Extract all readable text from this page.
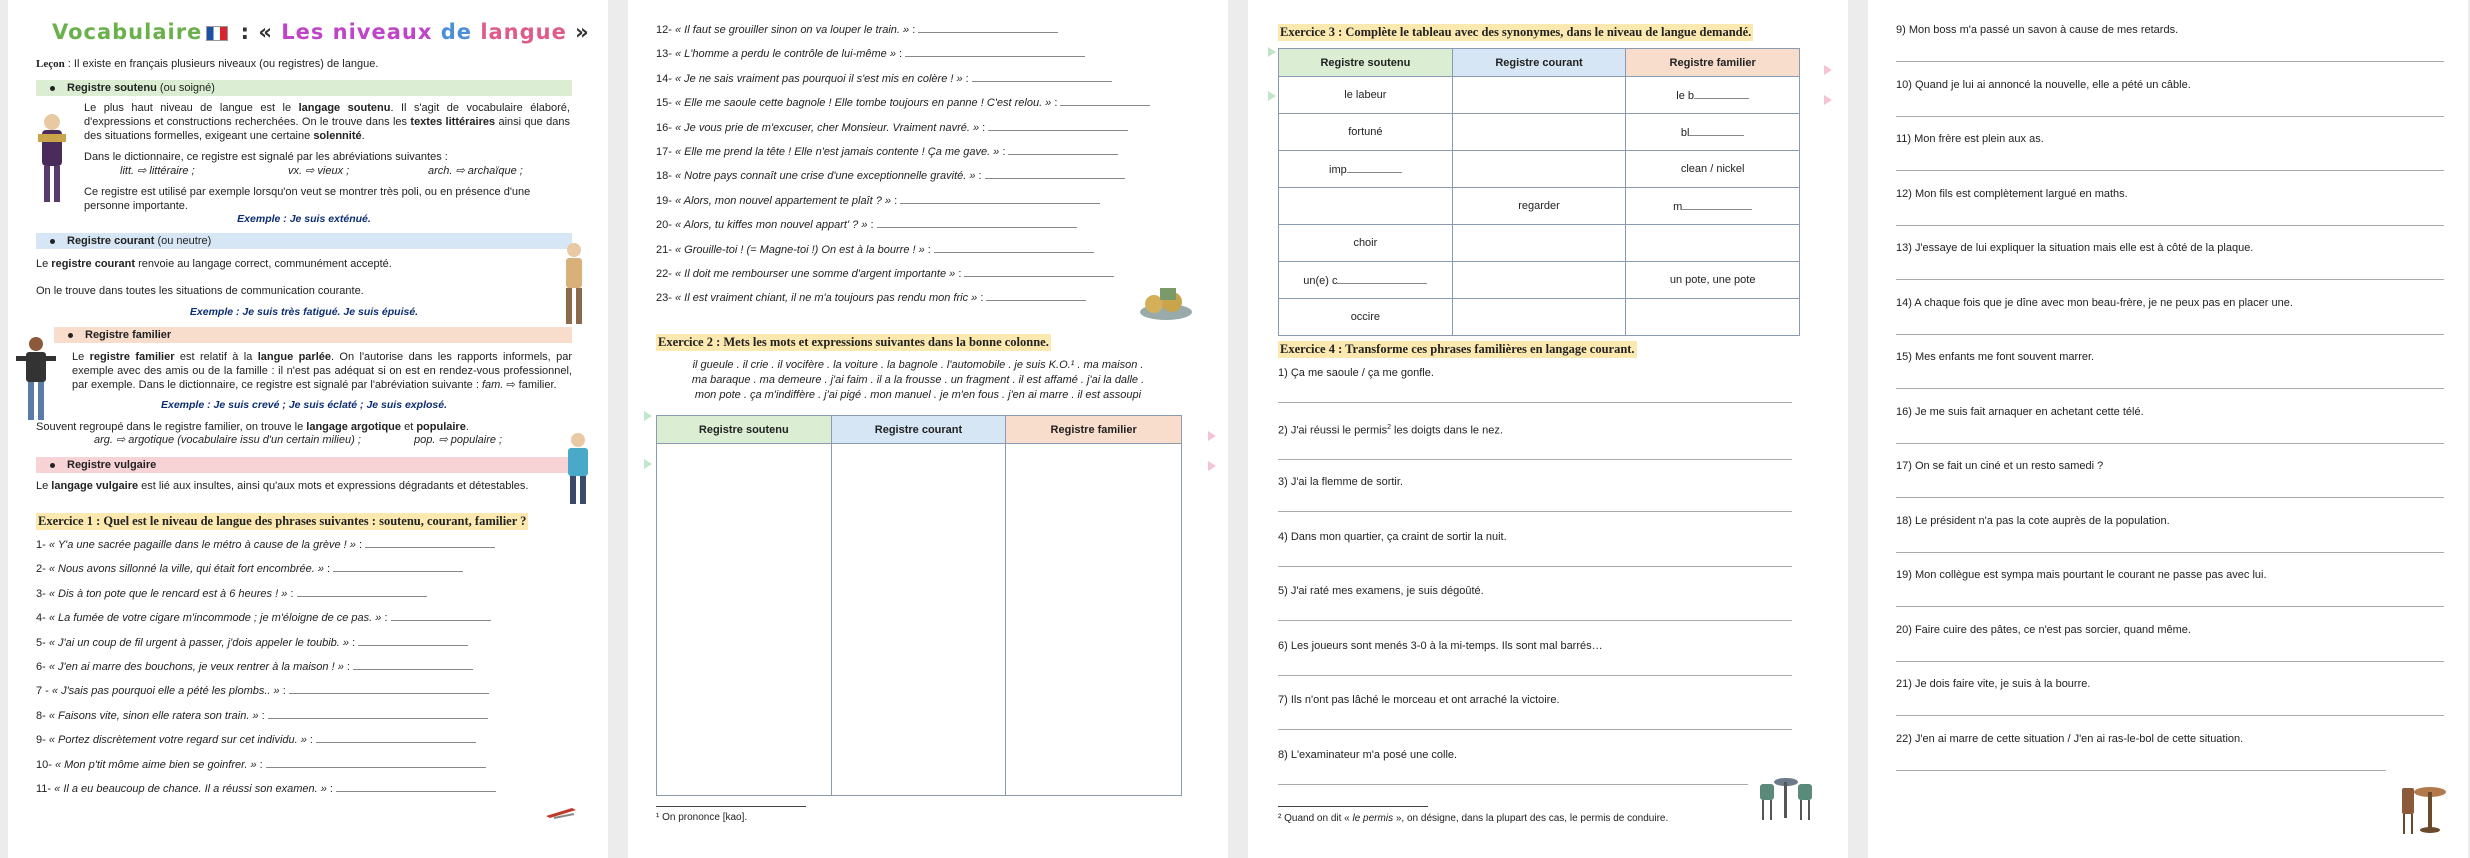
Vocabulaire : « Les niveaux de langue »
Leçon : Il existe en français plusieurs niveaux (ou registres) de langue.
Registre soutenu (ou soigné)
Le plus haut niveau de langue est le langage soutenu. Il s'agit de vocabulaire élaboré, d'expressions et constructions recherchées. On le trouve dans les textes littéraires ainsi que dans des situations formelles, exigeant une certaine solennité.
Dans le dictionnaire, ce registre est signalé par les abréviations suivantes :
litt. ⇨ littéraire ;	vx. ⇨ vieux ;	arch. ⇨ archaïque ;
Ce registre est utilisé par exemple lorsqu'on veut se montrer très poli, ou en présence d'une personne importante.
Exemple : Je suis exténué.
Registre courant (ou neutre)
Le registre courant renvoie au langage correct, communément accepté.
On le trouve dans toutes les situations de communication courante.
Exemple : Je suis très fatigué. Je suis épuisé.
Registre familier
Le registre familier est relatif à la langue parlée. On l'autorise dans les rapports informels, par exemple avec des amis ou de la famille : il n'est pas adéquat si on est en rendez-vous professionnel, par exemple. Dans le dictionnaire, ce registre est signalé par l'abréviation suivante : fam. ⇨ familier.
Exemple : Je suis crevé ; Je suis éclaté ; Je suis explosé.
Souvent regroupé dans le registre familier, on trouve le langage argotique et populaire.
arg. ⇨ argotique (vocabulaire issu d'un certain milieu) ;	pop. ⇨ populaire ;
Registre vulgaire
Le langage vulgaire est lié aux insultes, ainsi qu'aux mots et expressions dégradants et détestables.
Exercice 1 : Quel est le niveau de langue des phrases suivantes : soutenu, courant, familier ?
1- « Y'a une sacrée pagaille dans le métro à cause de la grève ! » :
2- « Nous avons sillonné la ville, qui était fort encombrée. » :
3- « Dis à ton pote que le rencard est à 6 heures ! » :
4- « La fumée de votre cigare m'incommode ; je m'éloigne de ce pas. » :
5- « J'ai un coup de fil urgent à passer, j'dois appeler le toubib. » :
6- « J'en ai marre des bouchons, je veux rentrer à la maison ! » :
7 - « J'sais pas pourquoi elle a pété les plombs.. » :
8- « Faisons vite, sinon elle ratera son train. » :
9- « Portez discrètement votre regard sur cet individu. » :
10- « Mon p'tit môme aime bien se goinfrer. » :
11- « Il a eu beaucoup de chance. Il a réussi son examen. » :
12- « Il faut se grouiller sinon on va louper le train. » :
13- « L'homme a perdu le contrôle de lui-même » :
14- « Je ne sais vraiment pas pourquoi il s'est mis en colère ! » :
15- « Elle me saoule cette bagnole ! Elle tombe toujours en panne ! C'est relou. » :
16- « Je vous prie de m'excuser, cher Monsieur. Vraiment navré. » :
17- « Elle me prend la tête ! Elle n'est jamais contente ! Ça me gave. » :
18- « Notre pays connaît une crise d'une exceptionnelle gravité. » :
19- « Alors, mon nouvel appartement te plaît ? » :
20- « Alors, tu kiffes mon nouvel appart' ? » :
21- « Grouille-toi ! (= Magne-toi !) On est à la bourre ! » :
22- « Il doit me rembourser une somme d'argent importante » :
23- « Il est vraiment chiant, il ne m'a toujours pas rendu mon fric » :
Exercice 2 : Mets les mots et expressions suivantes dans la bonne colonne.
il gueule . il crie . il vocifère . la voiture . la bagnole . l'automobile . je suis K.O.¹ . ma maison .
ma baraque . ma demeure . j'ai faim . il a la frousse . un fragment . il est affamé . j'ai la dalle .
mon pote . ça m'indiffère . j'ai pigé . mon manuel . je m'en fous . j'en ai marre . il est assoupi
Registre soutenu	Registre courant	Registre familier

¹ On prononce [kao].
Exercice 3 : Complète le tableau avec des synonymes, dans le niveau de langue demandé.
Registre soutenu	Registre courant	Registre familier
le labeur		le b
fortuné		bl
imp		clean / nickel
	regarder	m
choir		
un(e) c		un pote, une pote
occire		
Exercice 4 : Transforme ces phrases familières en langage courant.
1) Ça me saoule / ça me gonfle.
2) J'ai réussi le permis$^2$ les doigts dans le nez.
3) J'ai la flemme de sortir.
4) Dans mon quartier, ça craint de sortir la nuit.
5) J'ai raté mes examens, je suis dégoûté.
6) Les joueurs sont menés 3-0 à la mi-temps. Ils sont mal barrés…
7) Ils n'ont pas lâché le morceau et ont arraché la victoire.
8) L'examinateur m'a posé une colle.
² Quand on dit « le permis », on désigne, dans la plupart des cas, le permis de conduire.
9) Mon boss m'a passé un savon à cause de mes retards.
10) Quand je lui ai annoncé la nouvelle, elle a pété un câble.
11) Mon frère est plein aux as.
12) Mon fils est complètement largué en maths.
13) J'essaye de lui expliquer la situation mais elle est à côté de la plaque.
14) A chaque fois que je dîne avec mon beau-frère, je ne peux pas en placer une.
15) Mes enfants me font souvent marrer.
16) Je me suis fait arnaquer en achetant cette télé.
17) On se fait un ciné et un resto samedi ?
18) Le président n'a pas la cote auprès de la population.
19) Mon collègue est sympa mais pourtant le courant ne passe pas avec lui.
20) Faire cuire des pâtes, ce n'est pas sorcier, quand même.
21) Je dois faire vite, je suis à la bourre.
22) J'en ai marre de cette situation / J'en ai ras-le-bol de cette situation.
